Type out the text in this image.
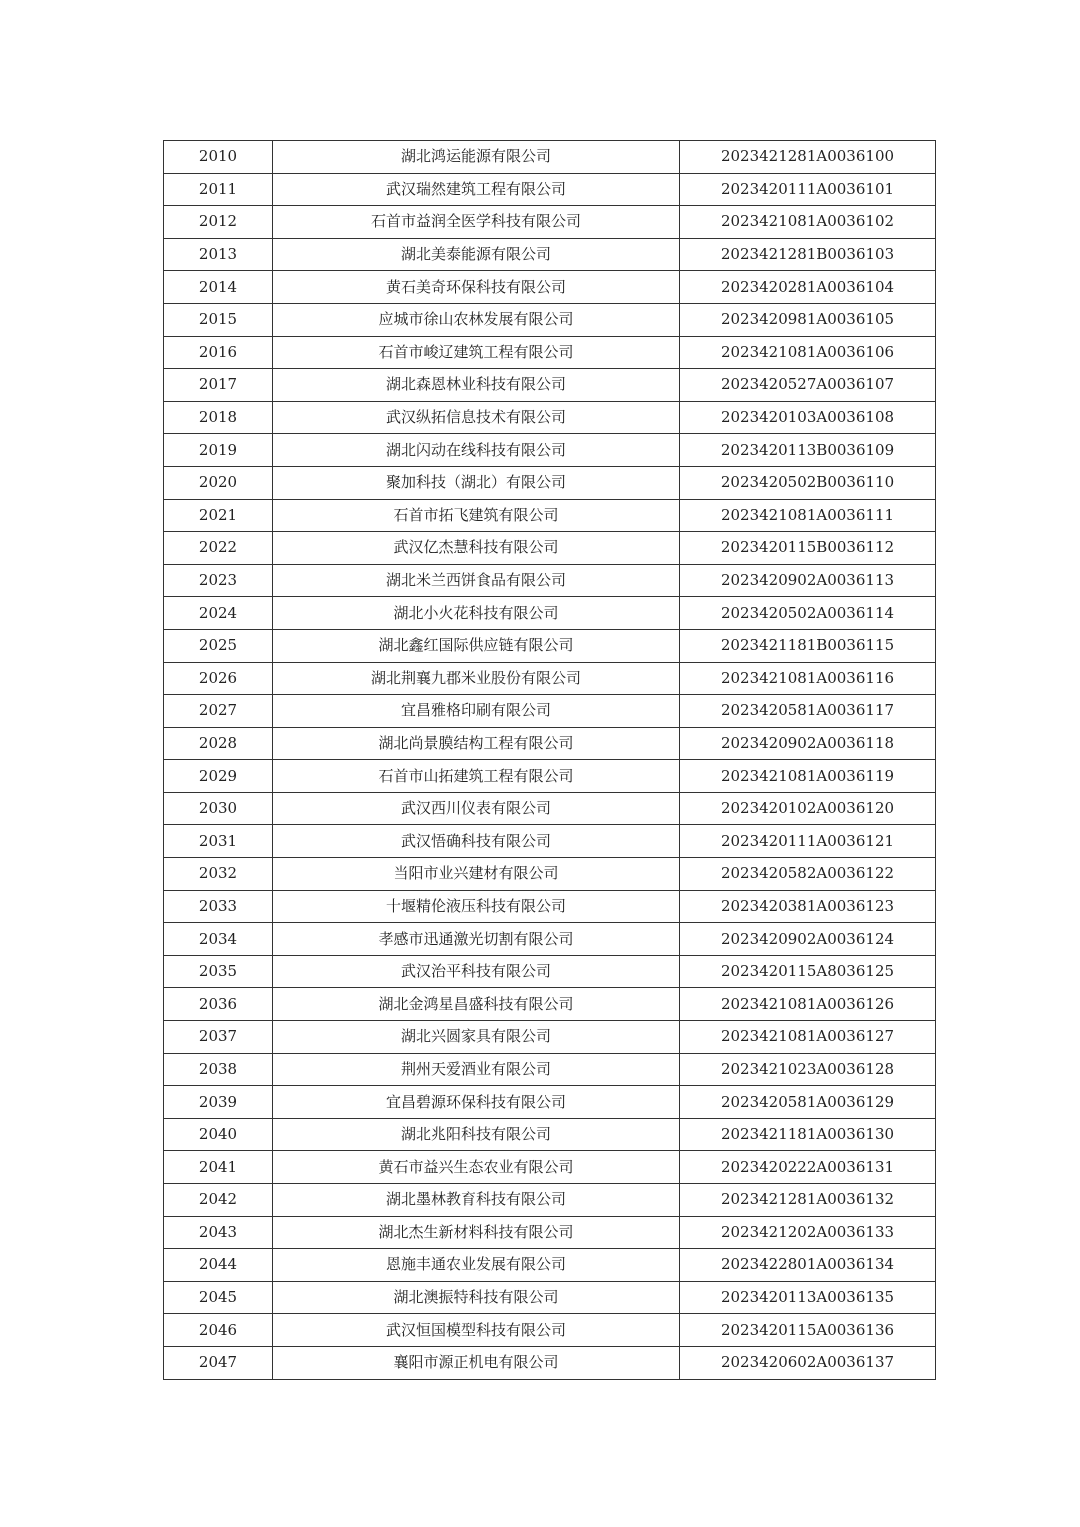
2010	湖北鸿运能源有限公司	2023421281A0036100
2011	武汉瑞然建筑工程有限公司	2023420111A0036101
2012	石首市益润全医学科技有限公司	2023421081A0036102
2013	湖北美泰能源有限公司	2023421281B0036103
2014	黄石美奇环保科技有限公司	2023420281A0036104
2015	应城市徐山农林发展有限公司	2023420981A0036105
2016	石首市峻辽建筑工程有限公司	2023421081A0036106
2017	湖北森恩林业科技有限公司	2023420527A0036107
2018	武汉纵拓信息技术有限公司	2023420103A0036108
2019	湖北闪动在线科技有限公司	2023420113B0036109
2020	聚加科技（湖北）有限公司	2023420502B0036110
2021	石首市拓飞建筑有限公司	2023421081A0036111
2022	武汉亿杰慧科技有限公司	2023420115B0036112
2023	湖北米兰西饼食品有限公司	2023420902A0036113
2024	湖北小火花科技有限公司	2023420502A0036114
2025	湖北鑫红国际供应链有限公司	2023421181B0036115
2026	湖北荆襄九郡米业股份有限公司	2023421081A0036116
2027	宜昌雅格印刷有限公司	2023420581A0036117
2028	湖北尚景膜结构工程有限公司	2023420902A0036118
2029	石首市山拓建筑工程有限公司	2023421081A0036119
2030	武汉西川仪表有限公司	2023420102A0036120
2031	武汉悟确科技有限公司	2023420111A0036121
2032	当阳市业兴建材有限公司	2023420582A0036122
2033	十堰精伦液压科技有限公司	2023420381A0036123
2034	孝感市迅通激光切割有限公司	2023420902A0036124
2035	武汉治平科技有限公司	2023420115A8036125
2036	湖北金鸿星昌盛科技有限公司	2023421081A0036126
2037	湖北兴圆家具有限公司	2023421081A0036127
2038	荆州天爱酒业有限公司	2023421023A0036128
2039	宜昌碧源环保科技有限公司	2023420581A0036129
2040	湖北兆阳科技有限公司	2023421181A0036130
2041	黄石市益兴生态农业有限公司	2023420222A0036131
2042	湖北墨林教育科技有限公司	2023421281A0036132
2043	湖北杰生新材料科技有限公司	2023421202A0036133
2044	恩施丰通农业发展有限公司	2023422801A0036134
2045	湖北澳振特科技有限公司	2023420113A0036135
2046	武汉恒国模型科技有限公司	2023420115A0036136
2047	襄阳市源正机电有限公司	2023420602A0036137
